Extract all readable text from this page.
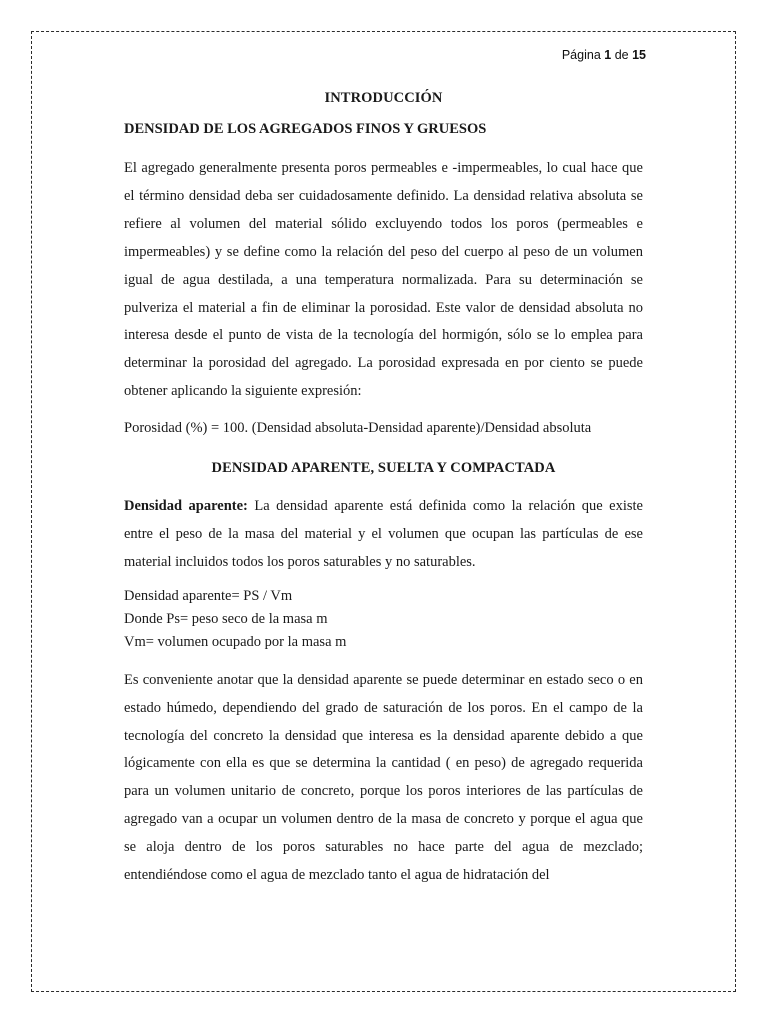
Página 1 de 15
INTRODUCCIÓN
DENSIDAD DE LOS AGREGADOS FINOS Y GRUESOS

El agregado generalmente presenta poros permeables e -impermeables, lo cual hace que el término densidad deba ser cuidadosamente definido. La densidad relativa absoluta se refiere al volumen del material sólido excluyendo todos los poros (permeables e impermeables) y se define como la relación del peso del cuerpo al peso de un volumen igual de agua destilada, a una temperatura normalizada. Para su determinación se pulveriza el material a fin de eliminar la porosidad. Este valor de densidad absoluta no interesa desde el punto de vista de la tecnología del hormigón, sólo se lo emplea para determinar la porosidad del agregado. La porosidad expresada en por ciento se puede obtener aplicando la siguiente expresión:

Porosidad (%) = 100. (Densidad absoluta-Densidad aparente)/Densidad absoluta

DENSIDAD APARENTE, SUELTA Y COMPACTADA

Densidad aparente: La densidad aparente está definida como la relación que existe entre el peso de la masa del material y el volumen que ocupan las partículas de ese material incluidos todos los poros saturables y no saturables.

Densidad aparente= PS / Vm
Donde Ps= peso seco de la masa m
Vm= volumen ocupado por la masa m

Es conveniente anotar que la densidad aparente se puede determinar en estado seco o en estado húmedo, dependiendo del grado de saturación de los poros. En el campo de la tecnología del concreto la densidad que interesa es la densidad aparente debido a que lógicamente con ella es que se determina la cantidad ( en peso) de agregado requerida para un volumen unitario de concreto, porque los poros interiores de las partículas de agregado van a ocupar un volumen dentro de la masa de concreto y porque el agua que se aloja dentro de los poros saturables no hace parte del agua de mezclado; entendiéndose como el agua de mezclado tanto el agua de hidratación del
